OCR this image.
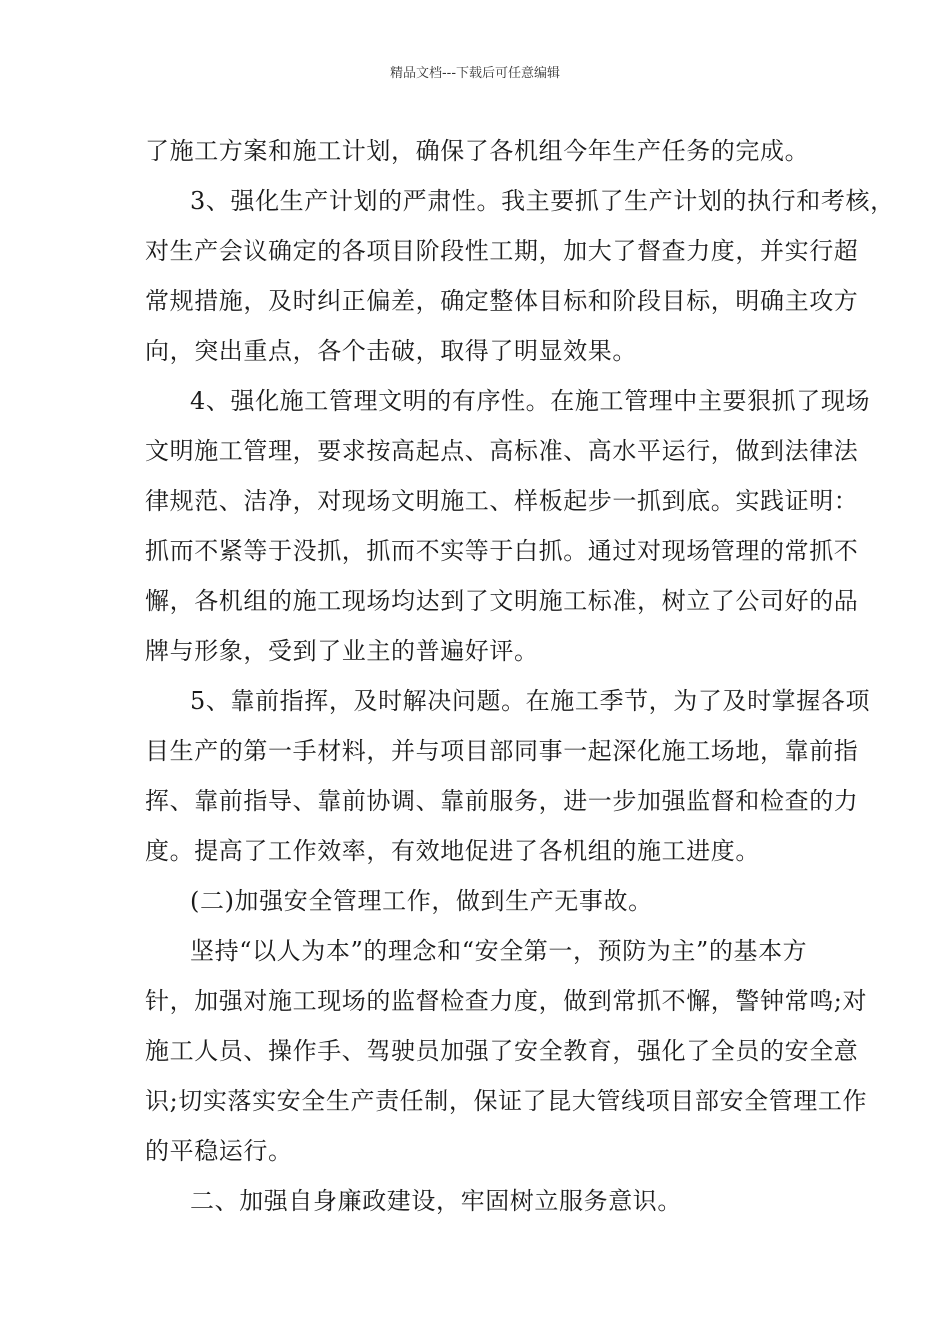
精品文档---下载后可任意编辑
了施工方案和施工计划，确保了各机组今年生产任务的完成。
3、强化生产计划的严肃性。我主要抓了生产计划的执行和考核，
对生产会议确定的各项目阶段性工期，加大了督查力度，并实行超
常规措施，及时纠正偏差，确定整体目标和阶段目标，明确主攻方
向，突出重点，各个击破，取得了明显效果。
4、强化施工管理文明的有序性。在施工管理中主要狠抓了现场
文明施工管理，要求按高起点、高标准、高水平运行，做到法律法
律规范、洁净，对现场文明施工、样板起步一抓到底。实践证明：
抓而不紧等于没抓，抓而不实等于白抓。通过对现场管理的常抓不
懈，各机组的施工现场均达到了文明施工标准，树立了公司好的品
牌与形象，受到了业主的普遍好评。
5、靠前指挥，及时解决问题。在施工季节，为了及时掌握各项
目生产的第一手材料，并与项目部同事一起深化施工场地，靠前指
挥、靠前指导、靠前协调、靠前服务，进一步加强监督和检查的力
度。提高了工作效率，有效地促进了各机组的施工进度。
(二)加强安全管理工作，做到生产无事故。
坚持“以人为本”的理念和“安全第一，预防为主”的基本方
针，加强对施工现场的监督检查力度，做到常抓不懈，警钟常鸣;对
施工人员、操作手、驾驶员加强了安全教育，强化了全员的安全意
识;切实落实安全生产责任制，保证了昆大管线项目部安全管理工作
的平稳运行。
二、加强自身廉政建设，牢固树立服务意识。
